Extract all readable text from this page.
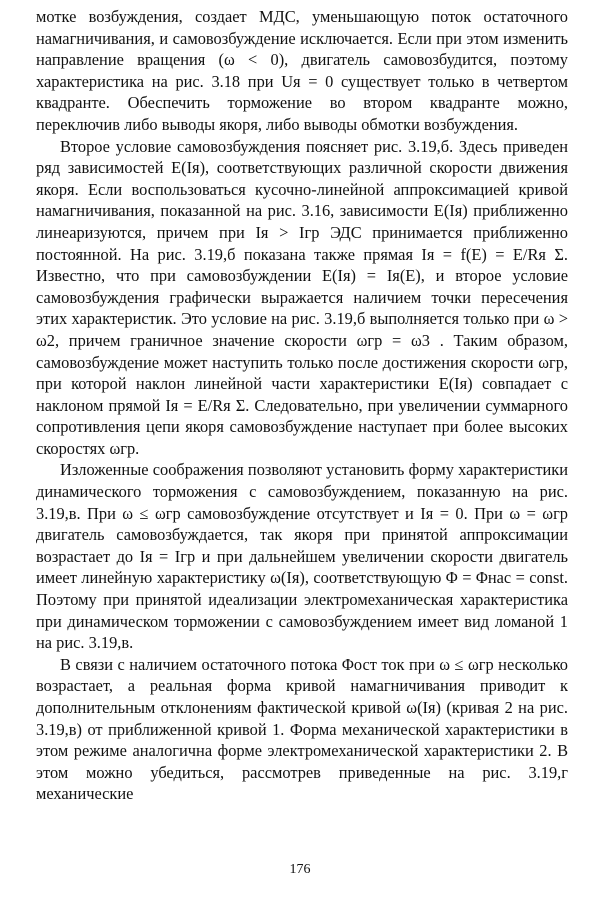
мотке возбуждения, создает МДС, уменьшающую поток остаточного намагничивания, и самовозбуждение исключается. Если при этом изменить направление вращения (ω < 0), двигатель самовозбудится, поэтому характеристика на рис. 3.18 при Uя = 0 существует только в четвертом квадранте. Обеспечить торможение во втором квадранте можно, переключив либо выводы якоря, либо выводы обмотки возбуждения.

Второе условие самовозбуждения поясняет рис. 3.19,б. Здесь приведен ряд зависимостей E(Iя), соответствующих различной скорости движения якоря. Если воспользоваться кусочно-линейной аппроксимацией кривой намагничивания, показанной на рис. 3.16, зависимости E(Iя) приближенно линеаризуются, причем при Iя > Iгр ЭДС принимается приближенно постоянной. На рис. 3.19,б показана также прямая Iя = f(E) = E/Rя Σ. Известно, что при самовозбуждении E(Iя) = Iя(E), и второе условие самовозбуждения графически выражается наличием точки пересечения этих характеристик. Это условие на рис. 3.19,б выполняется только при ω > ω2, причем граничное значение скорости ωгр = ω3 . Таким образом, самовозбуждение может наступить только после достижения скорости ωгр, при которой наклон линейной части характеристики E(Iя) совпадает с наклоном прямой Iя = E/Rя Σ. Следовательно, при увеличении суммарного сопротивления цепи якоря самовозбуждение наступает при более высоких скоростях ωгр.

Изложенные соображения позволяют установить форму характеристики динамического торможения с самовозбуждением, показанную на рис. 3.19,в. При ω ≤ ωгр самовозбуждение отсутствует и Iя = 0. При ω = ωгр двигатель самовозбуждается, так якоря при принятой аппроксимации возрастает до Iя = Iгр и при дальнейшем увеличении скорости двигатель имеет линейную характеристику ω(Iя), соответствующую Φ = Φнас = const. Поэтому при принятой идеализации электромеханическая характеристика при динамическом торможении с самовозбуждением имеет вид ломаной 1 на рис. 3.19,в.

В связи с наличием остаточного потока Φост ток при ω ≤ ωгр несколько возрастает, а реальная форма кривой намагничивания приводит к дополнительным отклонениям фактической кривой ω(Iя) (кривая 2 на рис. 3.19,в) от приближенной кривой 1. Форма механической характеристики в этом режиме аналогична форме электромеханической характеристики 2. В этом можно убедиться, рассмотрев приведенные на рис. 3.19,г механические

176
